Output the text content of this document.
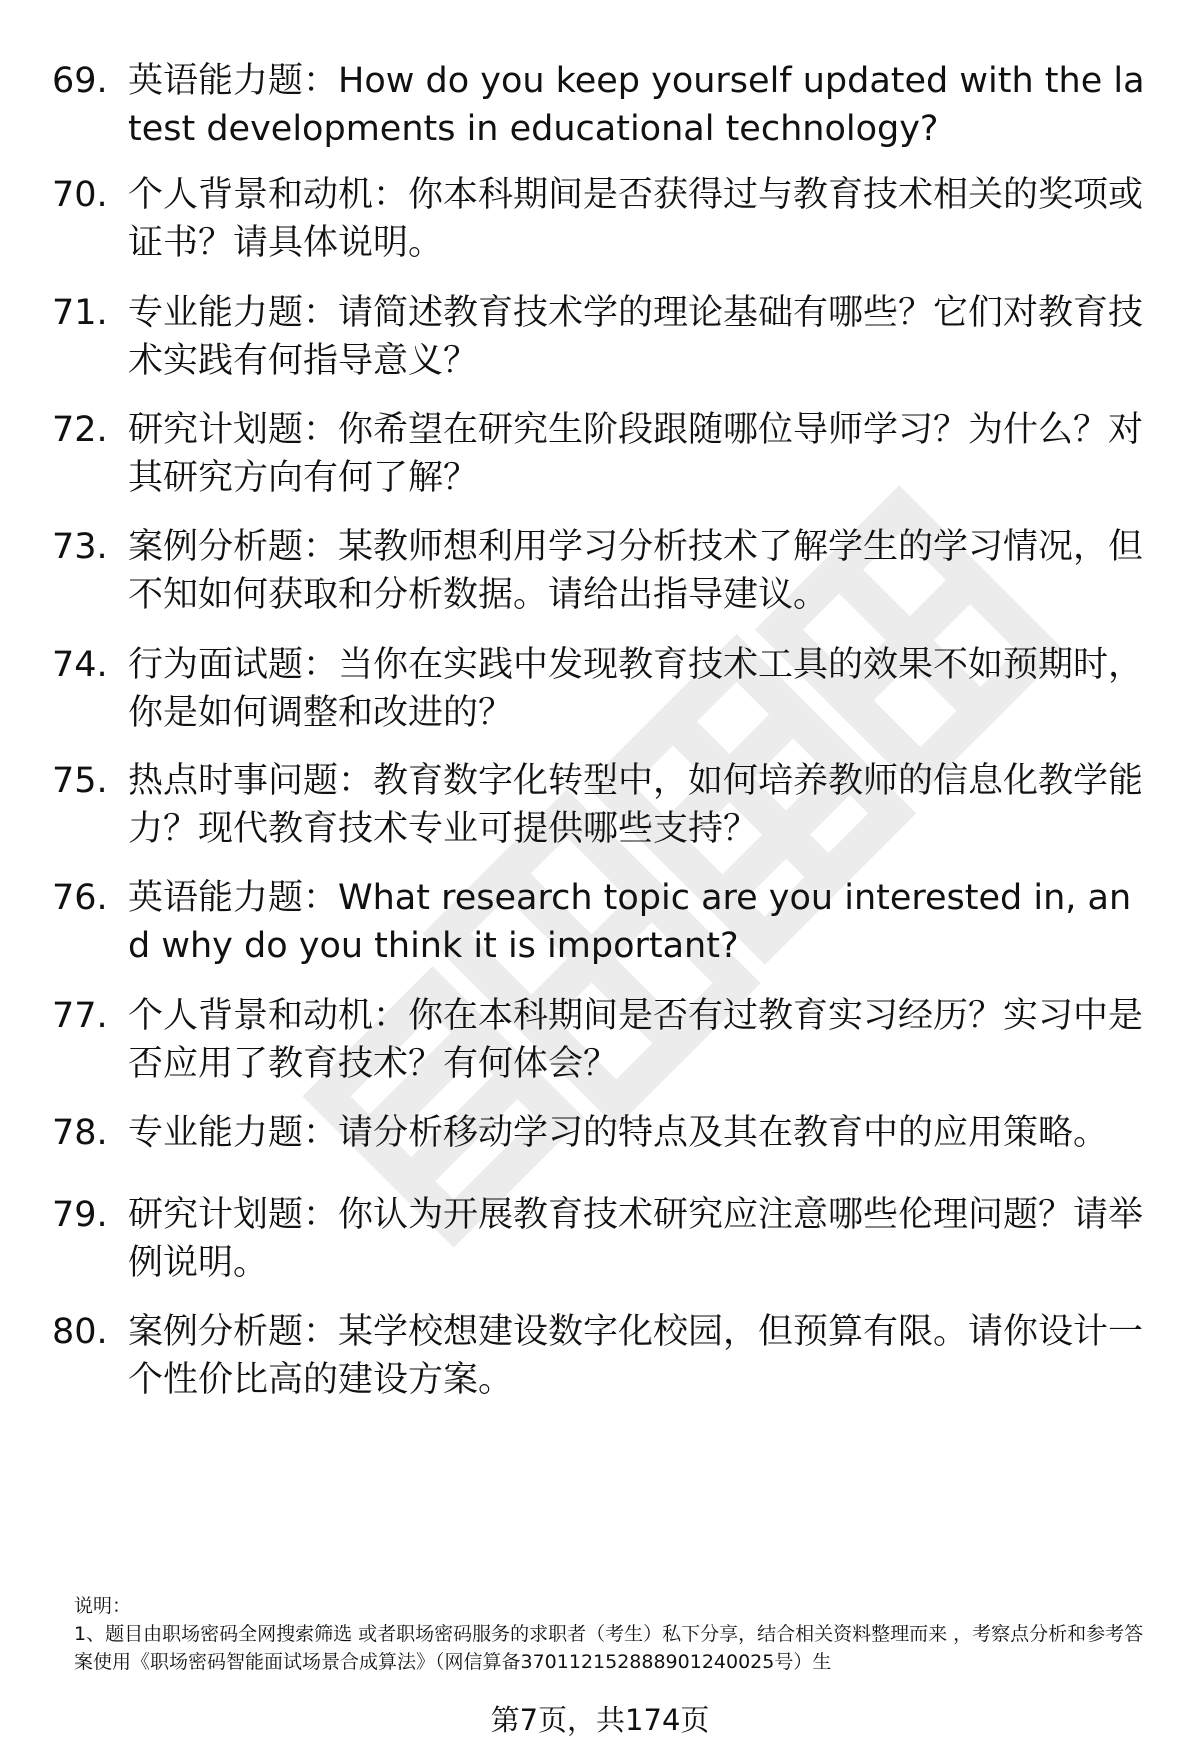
69. 英语能力题：How do you keep yourself updated with the latest developments in educational technology?
70. 个人背景和动机：你本科期间是否获得过与教育技术相关的奖项或证书？请具体说明。
71. 专业能力题：请简述教育技术学的理论基础有哪些？它们对教育技术实践有何指导意义？
72. 研究计划题：你希望在研究生阶段跟随哪位导师学习？为什么？对其研究方向有何了解？
73. 案例分析题：某教师想利用学习分析技术了解学生的学习情况，但不知如何获取和分析数据。请给出指导建议。
74. 行为面试题：当你在实践中发现教育技术工具的效果不如预期时，你是如何调整和改进的？
75. 热点时事问题：教育数字化转型中，如何培养教师的信息化教学能力？现代教育技术专业可提供哪些支持？
76. 英语能力题：What research topic are you interested in, and why do you think it is important?
77. 个人背景和动机：你在本科期间是否有过教育实习经历？实习中是否应用了教育技术？有何体会？
78. 专业能力题：请分析移动学习的特点及其在教育中的应用策略。
79. 研究计划题：你认为开展教育技术研究应注意哪些伦理问题？请举例说明。
80. 案例分析题：某学校想建设数字化校园，但预算有限。请你设计一个性价比高的建设方案。

说明：

1、题目由职场密码全网搜索筛选 或者职场密码服务的求职者（考生）私下分享，结合相关资料整理而来 ，考察点分析和参考答案使用《职场密码智能面试场景合成算法》（网信算备370112152888901240025号）生

第7页，共174页
